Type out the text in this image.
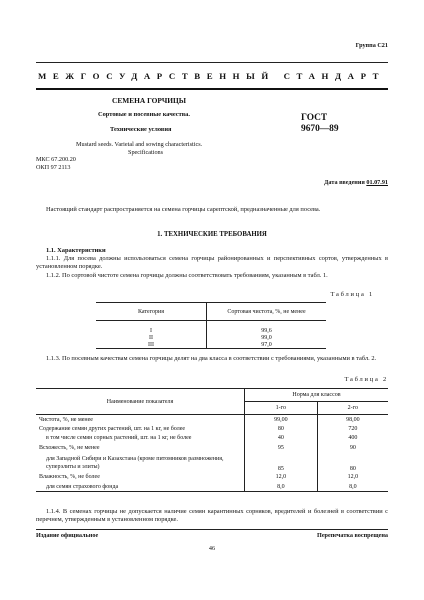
Группа С21
МЕЖГОСУДАРСТВЕННЫЙ СТАНДАРТ
СЕМЕНА ГОРЧИЦЫ
Сортовые и посевные качества.
Технические условия
Mustard seeds. Varietal and sowing characteristics.
Specifications
ГОСТ
9670—89
МКС 67.200.20
ОКП 97 2113
Дата введения 01.07.91

Настоящий стандарт распространяется на семена горчицы сарептской, предназначенные для посева.

1. ТЕХНИЧЕСКИЕ ТРЕБОВАНИЯ
1.1. Характеристики

1.1.1. Для посева должны использоваться семена горчицы районированных и перспективных сортов, утвержденных в установленном порядке.

1.1.2. По сортовой чистоте семена горчицы должны соответствовать требованиям, указанным в табл. 1.

Таблица 1
Категория	Сортовая чистота, %, не менее

I	99,6
II	99,0
III	97,0

1.1.3. По посевным качествам семена горчицы делят на два класса в соответствии с требованиями, указанными в табл. 2.

Таблица 2
Наименование показателя	Норма для классов	
	1-го	2-го
Чистота, %, не менее	99,00	98,00
Содержание семян других растений, шт. на 1 кг, не более	80	720
в том числе семян сорных растений, шт. на 1 кг, не более	40	400
Всхожесть, %, не менее	95	90
для Западной Сибири и Казахстана (кроме питомников размножения, суперэлиты и элиты)	85	80
Влажность, %, не более	12,0	12,0
для семян страхового фонда	8,0	8,0

1.1.4. В семенах горчицы не допускается наличие семян карантинных сорняков, вредителей и болезней в соответствии с перечнем, утвержденным в установленном порядке.

Издание официальное	Перепечатка воспрещена
46
